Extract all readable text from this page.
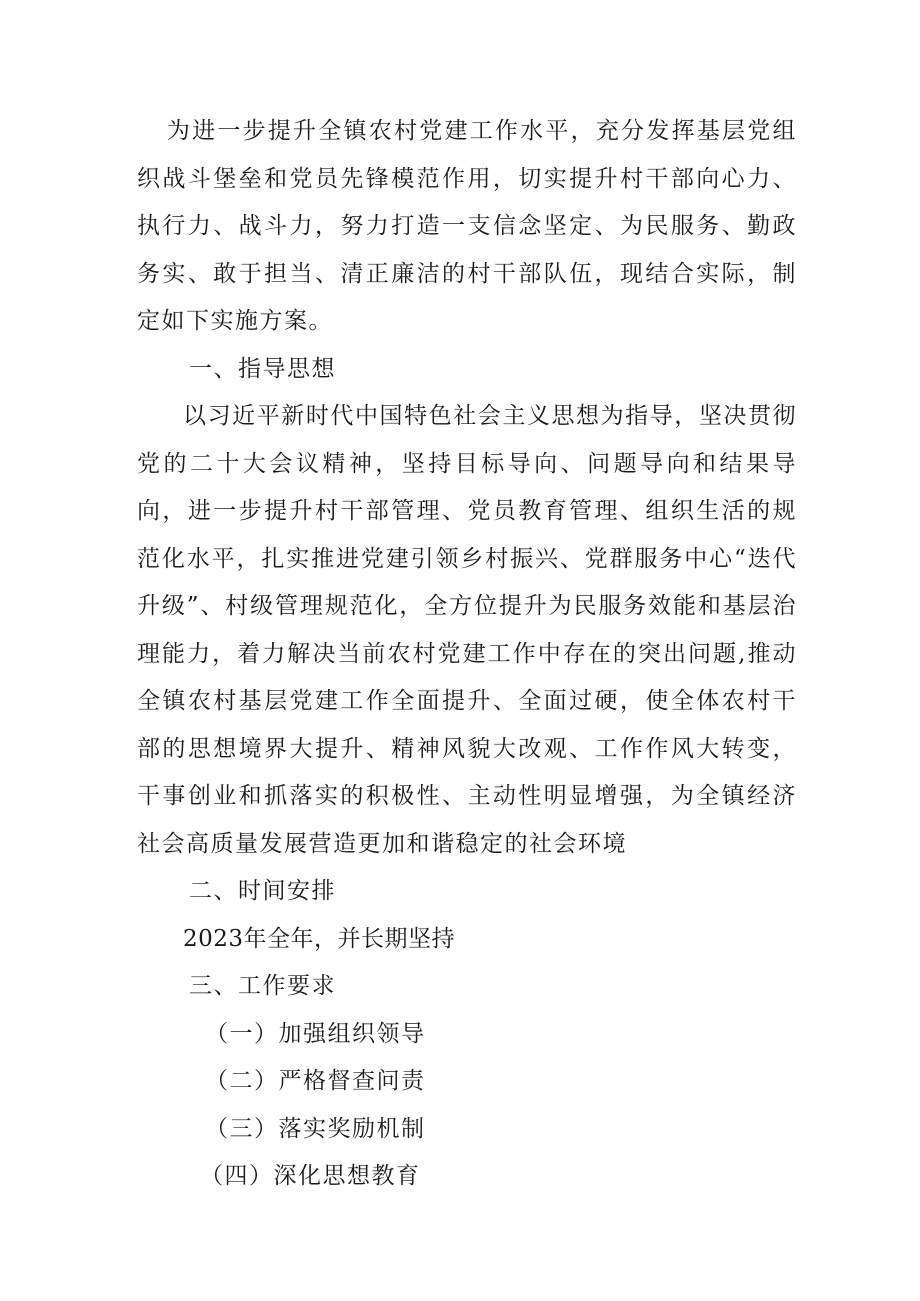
为进一步提升全镇农村党建工作水平，充分发挥基层党组织战斗堡垒和党员先锋模范作用，切实提升村干部向心力、执行力、战斗力，努力打造一支信念坚定、为民服务、勤政务实、敢于担当、清正廉洁的村干部队伍，现结合实际，制定如下实施方案。

一、指导思想

以习近平新时代中国特色社会主义思想为指导，坚决贯彻党的二十大会议精神，坚持目标导向、问题导向和结果导向，进一步提升村干部管理、党员教育管理、组织生活的规范化水平，扎实推进党建引领乡村振兴、党群服务中心“迭代升级”、村级管理规范化，全方位提升为民服务效能和基层治理能力，着力解决当前农村党建工作中存在的突出问题,推动全镇农村基层党建工作全面提升、全面过硬，使全体农村干部的思想境界大提升、精神风貌大改观、工作作风大转变，干事创业和抓落实的积极性、主动性明显增强，为全镇经济社会高质量发展营造更加和谐稳定的社会环境

二、时间安排

2023年全年，并长期坚持

三、工作要求

（一）加强组织领导

（二）严格督查问责

（三）落实奖励机制

（四）深化思想教育
